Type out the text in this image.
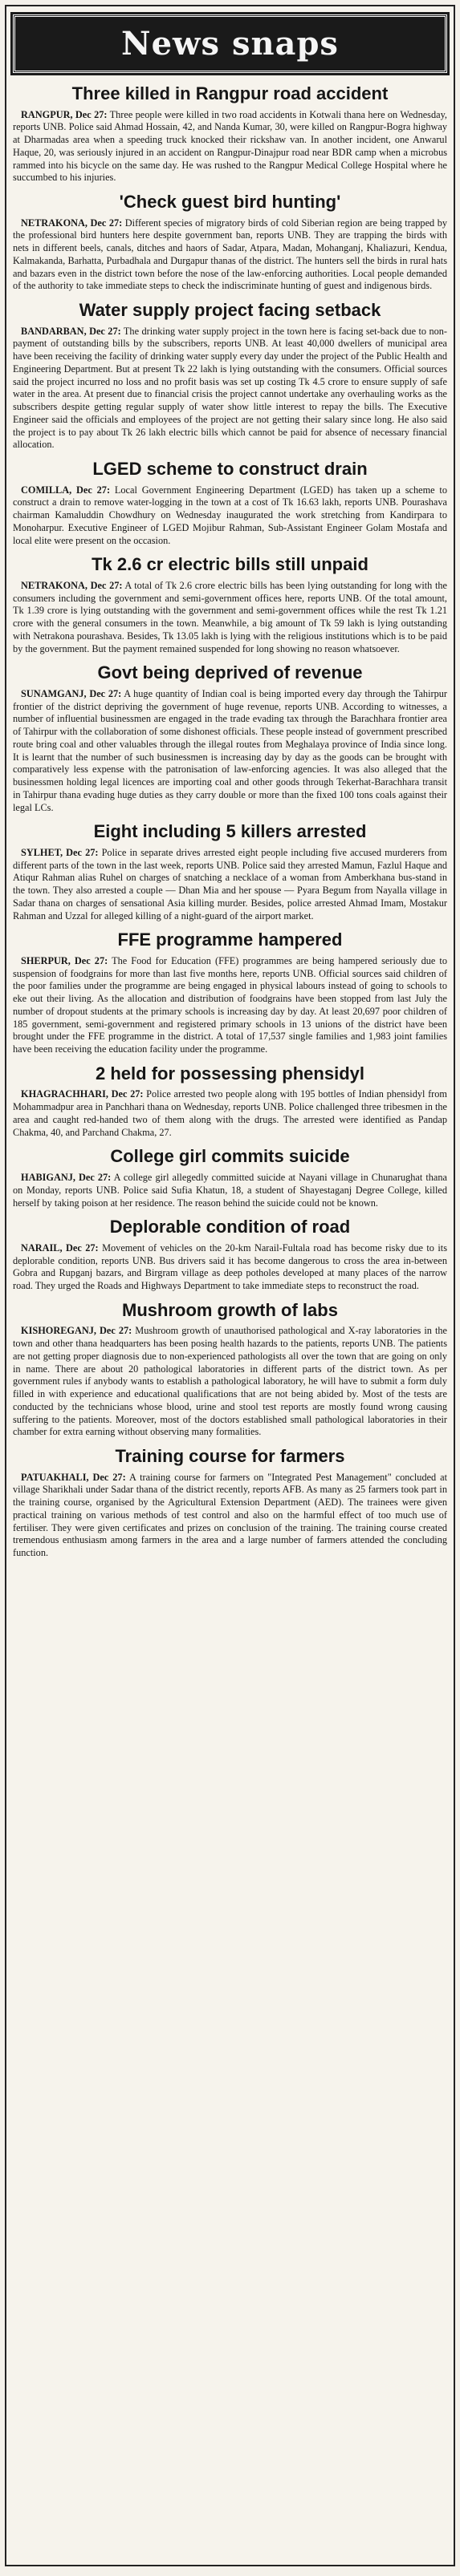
News snaps
Three killed in Rangpur road accident

RANGPUR, Dec 27: Three people were killed in two road accidents in Kotwali thana here on Wednesday, reports UNB. Police said Ahmad Hossain, 42, and Nanda Kumar, 30, were killed on Rangpur-Bogra highway at Dharmadas area when a speeding truck knocked their rickshaw van. In another incident, one Anwarul Haque, 20, was seriously injured in an accident on Rangpur-Dinajpur road near BDR camp when a microbus rammed into his bicycle on the same day. He was rushed to the Rangpur Medical College Hospital where he succumbed to his injuries.

'Check guest bird hunting'

NETRAKONA, Dec 27: Different species of migratory birds of cold Siberian region are being trapped by the professional bird hunters here despite government ban, reports UNB. They are trapping the birds with nets in different beels, canals, ditches and haors of Sadar, Atpara, Madan, Mohanganj, Khaliazuri, Kendua, Kalmakanda, Barhatta, Purbadhala and Durgapur thanas of the district. The hunters sell the birds in rural hats and bazars even in the district town before the nose of the law-enforcing authorities. Local people demanded of the authority to take immediate steps to check the indiscriminate hunting of guest and indigenous birds.

Water supply project facing setback

BANDARBAN, Dec 27: The drinking water supply project in the town here is facing set-back due to non-payment of outstanding bills by the subscribers, reports UNB. At least 40,000 dwellers of municipal area have been receiving the facility of drinking water supply every day under the project of the Public Health and Engineering Department. But at present Tk 22 lakh is lying outstanding with the consumers. Official sources said the project incurred no loss and no profit basis was set up costing Tk 4.5 crore to ensure supply of safe water in the area. At present due to financial crisis the project cannot undertake any overhauling works as the subscribers despite getting regular supply of water show little interest to repay the bills. The Executive Engineer said the officials and employees of the project are not getting their salary since long. He also said the project is to pay about Tk 26 lakh electric bills which cannot be paid for absence of necessary financial allocation.

LGED scheme to construct drain

COMILLA, Dec 27: Local Government Engineering Department (LGED) has taken up a scheme to construct a drain to remove water-logging in the town at a cost of Tk 16.63 lakh, reports UNB. Pourashava chairman Kamaluddin Chowdhury on Wednesday inaugurated the work stretching from Kandirpara to Monoharpur. Executive Engineer of LGED Mojibur Rahman, Sub-Assistant Engineer Golam Mostafa and local elite were present on the occasion.

Tk 2.6 cr electric bills still unpaid

NETRAKONA, Dec 27: A total of Tk 2.6 crore electric bills has been lying outstanding for long with the consumers including the government and semi-government offices here, reports UNB. Of the total amount, Tk 1.39 crore is lying outstanding with the government and semi-government offices while the rest Tk 1.21 crore with the general consumers in the town. Meanwhile, a big amount of Tk 59 lakh is lying outstanding with Netrakona pourashava. Besides, Tk 13.05 lakh is lying with the religious institutions which is to be paid by the government. But the payment remained suspended for long showing no reason whatsoever.

Govt being deprived of revenue

SUNAMGANJ, Dec 27: A huge quantity of Indian coal is being imported every day through the Tahirpur frontier of the district depriving the government of huge revenue, reports UNB. According to witnesses, a number of influential businessmen are engaged in the trade evading tax through the Barachhara frontier area of Tahirpur with the collaboration of some dishonest officials. These people instead of government prescribed route bring coal and other valuables through the illegal routes from Meghalaya province of India since long. It is learnt that the number of such businessmen is increasing day by day as the goods can be brought with comparatively less expense with the patronisation of law-enforcing agencies. It was also alleged that the businessmen holding legal licences are importing coal and other goods through Tekerhat-Barachhara transit in Tahirpur thana evading huge duties as they carry double or more than the fixed 100 tons coals against their legal LCs.

Eight including 5 killers arrested

SYLHET, Dec 27: Police in separate drives arrested eight people including five accused murderers from different parts of the town in the last week, reports UNB. Police said they arrested Mamun, Fazlul Haque and Atiqur Rahman alias Ruhel on charges of snatching a necklace of a woman from Amberkhana bus-stand in the town. They also arrested a couple — Dhan Mia and her spouse — Pyara Begum from Nayalla village in Sadar thana on charges of sensational Asia killing murder. Besides, police arrested Ahmad Imam, Mostakur Rahman and Uzzal for alleged killing of a night-guard of the airport market.

FFE programme hampered

SHERPUR, Dec 27: The Food for Education (FFE) programmes are being hampered seriously due to suspension of foodgrains for more than last five months here, reports UNB. Official sources said children of the poor families under the programme are being engaged in physical labours instead of going to schools to eke out their living. As the allocation and distribution of foodgrains have been stopped from last July the number of dropout students at the primary schools is increasing day by day. At least 20,697 poor children of 185 government, semi-government and registered primary schools in 13 unions of the district have been brought under the FFE programme in the district. A total of 17,537 single families and 1,983 joint families have been receiving the education facility under the programme.

2 held for possessing phensidyl

KHAGRACHHARI, Dec 27: Police arrested two people along with 195 bottles of Indian phensidyl from Mohammadpur area in Panchhari thana on Wednesday, reports UNB. Police challenged three tribesmen in the area and caught red-handed two of them along with the drugs. The arrested were identified as Pandap Chakma, 40, and Parchand Chakma, 27.

College girl commits suicide

HABIGANJ, Dec 27: A college girl allegedly committed suicide at Nayani village in Chunarughat thana on Monday, reports UNB. Police said Sufia Khatun, 18, a student of Shayestaganj Degree College, killed herself by taking poison at her residence. The reason behind the suicide could not be known.

Deplorable condition of road

NARAIL, Dec 27: Movement of vehicles on the 20-km Narail-Fultala road has become risky due to its deplorable condition, reports UNB. Bus drivers said it has become dangerous to cross the area in-between Gobra and Rupganj bazars, and Birgram village as deep potholes developed at many places of the narrow road. They urged the Roads and Highways Department to take immediate steps to reconstruct the road.

Mushroom growth of labs

KISHOREGANJ, Dec 27: Mushroom growth of unauthorised pathological and X-ray laboratories in the town and other thana headquarters has been posing health hazards to the patients, reports UNB. The patients are not getting proper diagnosis due to non-experienced pathologists all over the town that are going on only in name. There are about 20 pathological laboratories in different parts of the district town. As per government rules if anybody wants to establish a pathological laboratory, he will have to submit a form duly filled in with experience and educational qualifications that are not being abided by. Most of the tests are conducted by the technicians whose blood, urine and stool test reports are mostly found wrong causing suffering to the patients. Moreover, most of the doctors established small pathological laboratories in their chamber for extra earning without observing many formalities.

Training course for farmers

PATUAKHALI, Dec 27: A training course for farmers on "Integrated Pest Management" concluded at village Sharikhali under Sadar thana of the district recently, reports AFB. As many as 25 farmers took part in the training course, organised by the Agricultural Extension Department (AED). The trainees were given practical training on various methods of test control and also on the harmful effect of too much use of fertiliser. They were given certificates and prizes on conclusion of the training. The training course created tremendous enthusiasm among farmers in the area and a large number of farmers attended the concluding function.
